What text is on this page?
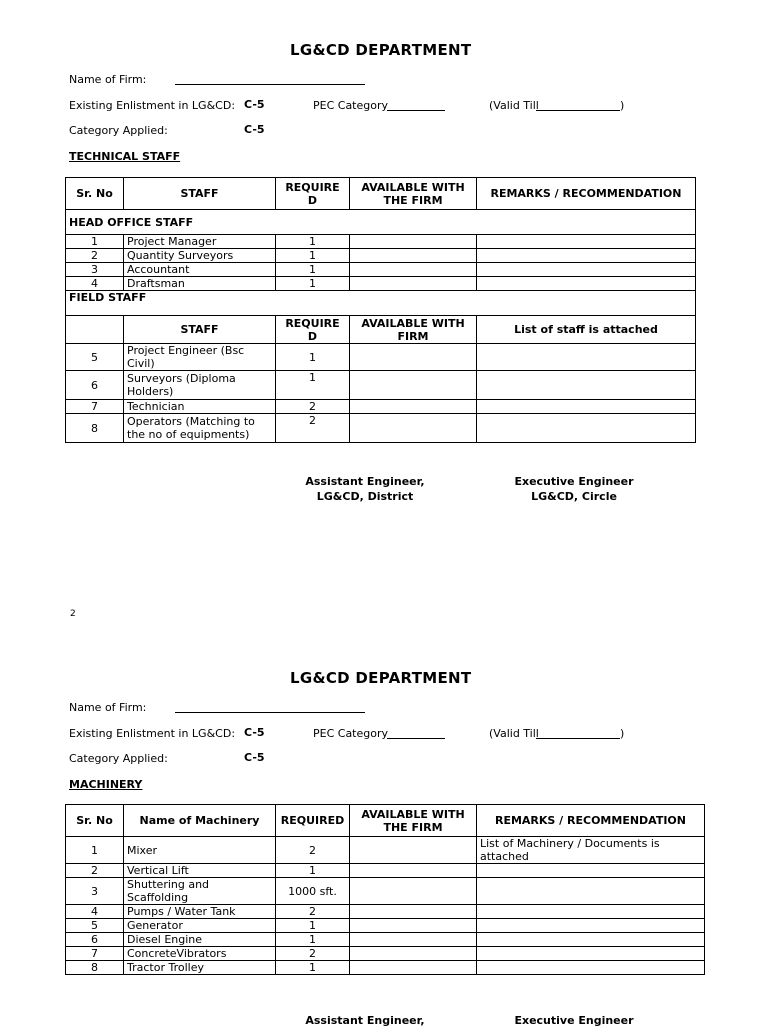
LG&CD DEPARTMENT
Name of Firm:
Existing Enlistment in LG&CD: C-5	PEC Category	(Valid Till	)
Category Applied:	C-5
TECHNICAL STAFF
Sr. No	STAFF	REQUIRE D	AVAILABLE WITH THE FIRM	REMARKS / RECOMMENDATION
HEAD OFFICE STAFF				
1	Project Manager	1		
2	Quantity Surveyors	1		
3	Accountant	1		
4	Draftsman	1		
FIELD STAFF				
	STAFF	REQUIRE D	AVAILABLE WITH FIRM	List of staff is attached
5	Project Engineer (Bsc Civil)	1		
6	Surveyors (Diploma Holders)	1		
7	Technician	2		
8	Operators (Matching to the no of equipments)	2		
Assistant Engineer,
LG&CD, District
Executive Engineer
LG&CD, Circle
2
LG&CD DEPARTMENT
Name of Firm:
Existing Enlistment in LG&CD: C-5	PEC Category	(Valid Till	)
Category Applied:	C-5
MACHINERY
Sr. No	Name of Machinery	REQUIRED	AVAILABLE WITH THE FIRM	REMARKS / RECOMMENDATION
1	Mixer	2		List of Machinery / Documents is attached
2	Vertical Lift	1		
3	Shuttering and Scaffolding	1000 sft.		
4	Pumps / Water Tank	2		
5	Generator	1		
6	Diesel Engine	1		
7	ConcreteVibrators	2		
8	Tractor Trolley	1		
Assistant Engineer,	Executive Engineer
